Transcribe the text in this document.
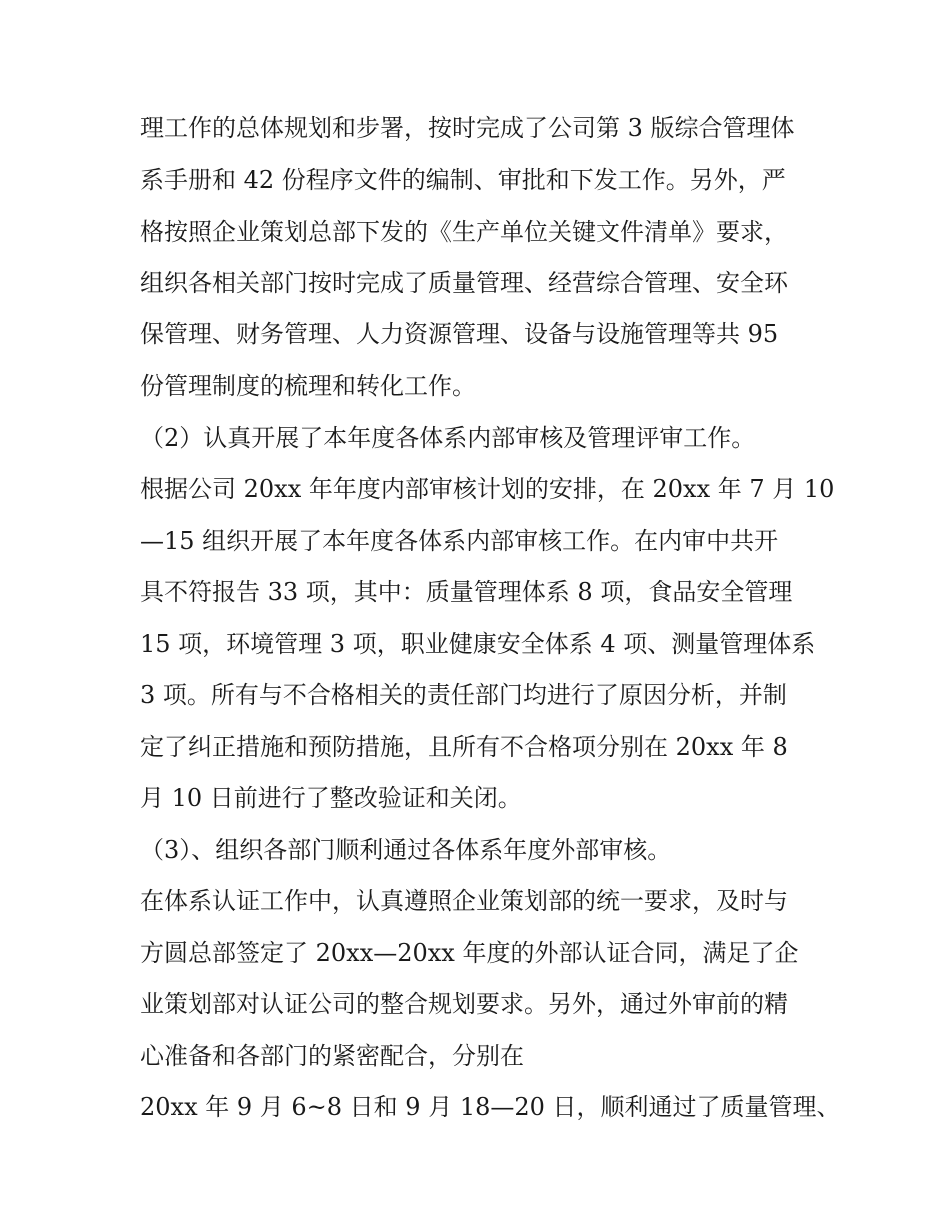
理工作的总体规划和步署，按时完成了公司第 3 版综合管理体
系手册和 42 份程序文件的编制、审批和下发工作。另外，严
格按照企业策划总部下发的《生产单位关键文件清单》要求，
组织各相关部门按时完成了质量管理、经营综合管理、安全环
保管理、财务管理、人力资源管理、设备与设施管理等共 95
份管理制度的梳理和转化工作。
（2）认真开展了本年度各体系内部审核及管理评审工作。
根据公司 20xx 年年度内部审核计划的安排，在 20xx 年 7 月 10
—15 组织开展了本年度各体系内部审核工作。在内审中共开
具不符报告 33 项，其中：质量管理体系 8 项，食品安全管理
15 项，环境管理 3 项，职业健康安全体系 4 项、测量管理体系
3 项。所有与不合格相关的责任部门均进行了原因分析，并制
定了纠正措施和预防措施，且所有不合格项分别在 20xx 年 8
月 10 日前进行了整改验证和关闭。
（3）、组织各部门顺利通过各体系年度外部审核。
在体系认证工作中，认真遵照企业策划部的统一要求，及时与
方圆总部签定了 20xx—20xx 年度的外部认证合同，满足了企
业策划部对认证公司的整合规划要求。另外，通过外审前的精
心准备和各部门的紧密配合，分别在
20xx 年 9 月 6~8 日和 9 月 18—20 日，顺利通过了质量管理、
